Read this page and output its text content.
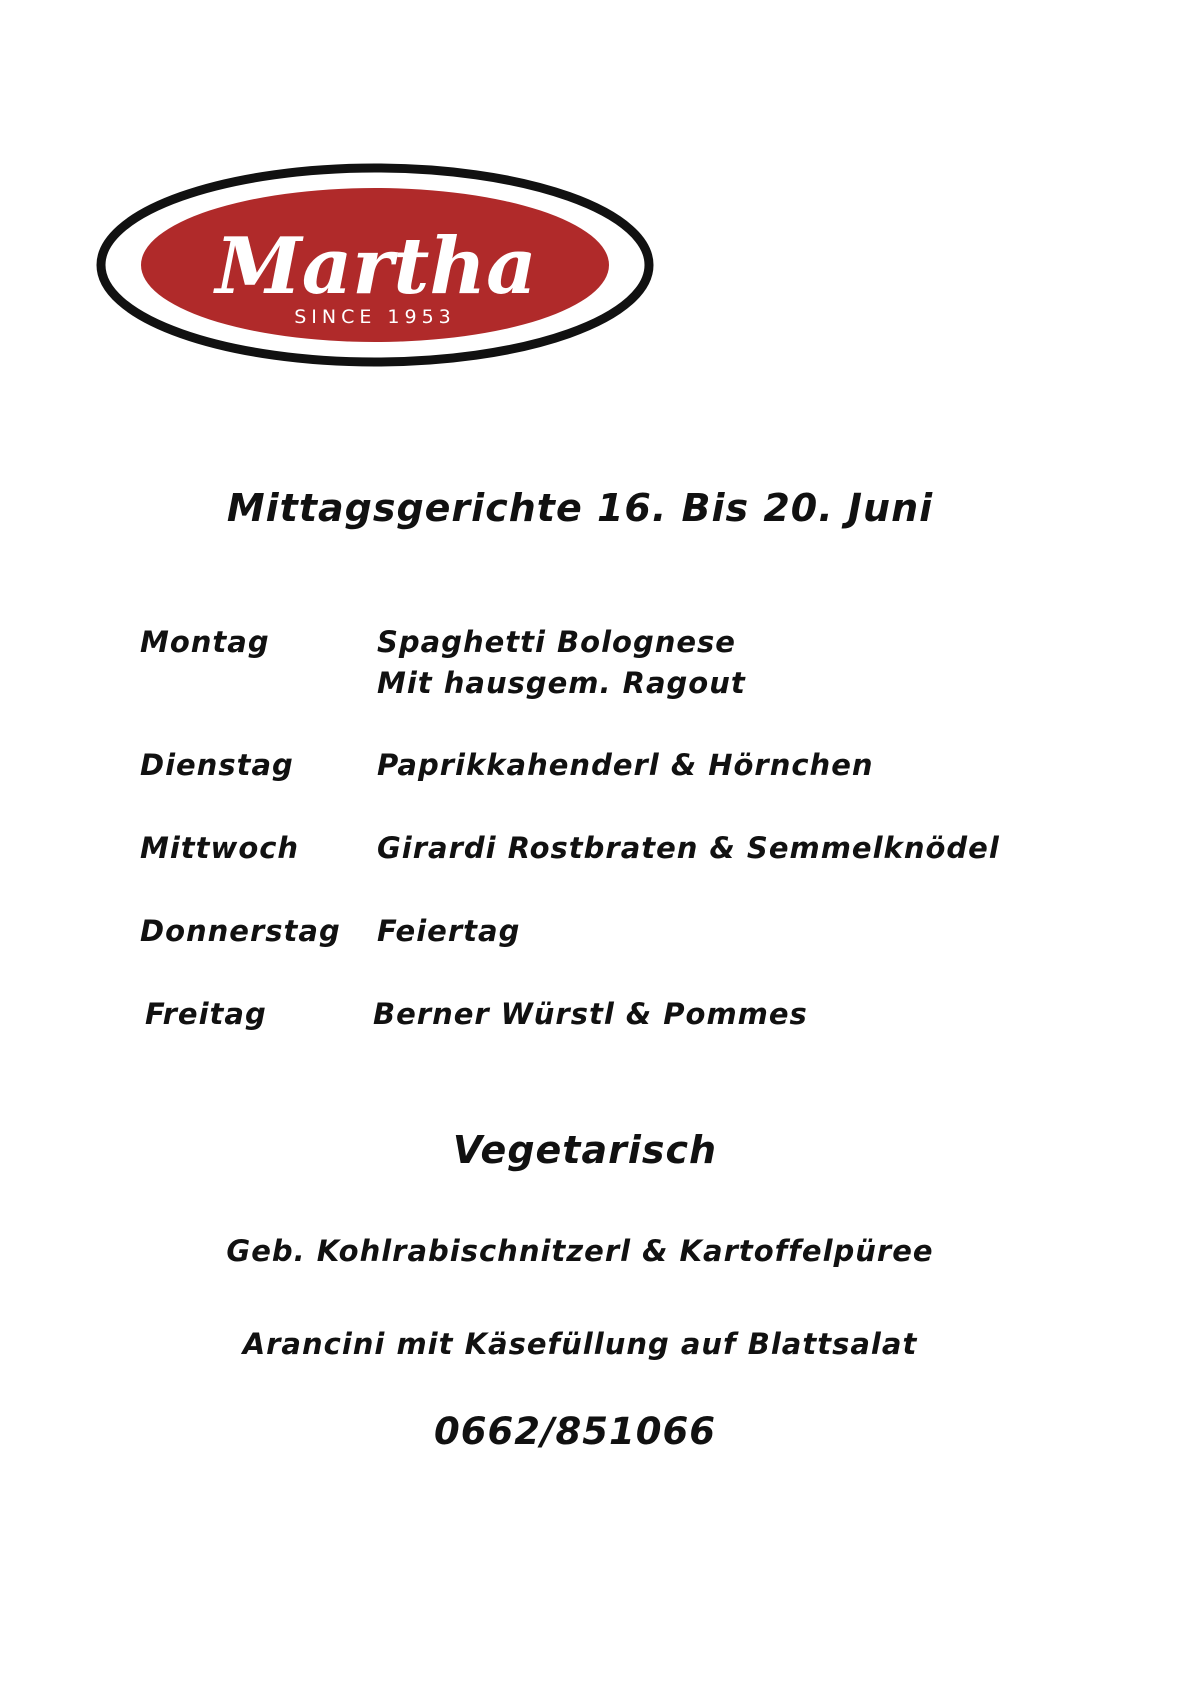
Martha
SINCE 1953
Mittagsgerichte 16. Bis 20. Juni
Montag	Spaghetti Bolognese
Mit hausgem. Ragout
Dienstag	Paprikkahenderl & Hörnchen
Mittwoch	Girardi Rostbraten & Semmelknödel
Donnerstag Feiertag
Freitag	Berner Würstl & Pommes
Vegetarisch
Geb. Kohlrabischnitzerl & Kartoffelpüree
Arancini mit Käsefüllung auf Blattsalat
0662/851066
